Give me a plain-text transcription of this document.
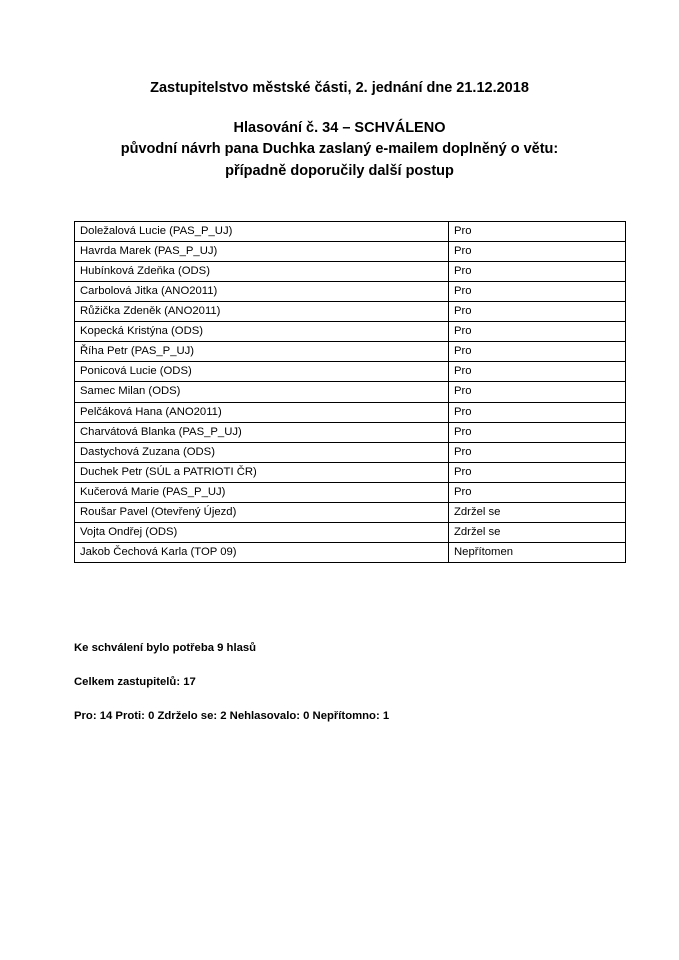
Zastupitelstvo městské části, 2. jednání dne 21.12.2018

Hlasování č. 34 – SCHVÁLENO

původní návrh pana Duchka zaslaný e-mailem doplněný o větu:

případně doporučily další postup

Doležalová Lucie (PAS_P_UJ)	Pro
Havrda Marek (PAS_P_UJ)	Pro
Hubínková Zdeňka (ODS)	Pro
Carbolová Jitka (ANO2011)	Pro
Růžička Zdeněk (ANO2011)	Pro
Kopecká Kristýna (ODS)	Pro
Říha Petr (PAS_P_UJ)	Pro
Ponicová Lucie (ODS)	Pro
Samec Milan (ODS)	Pro
Pelčáková Hana (ANO2011)	Pro
Charvátová Blanka (PAS_P_UJ)	Pro
Dastychová Zuzana (ODS)	Pro
Duchek Petr (SÚL a PATRIOTI ČR)	Pro
Kučerová Marie (PAS_P_UJ)	Pro
Roušar Pavel (Otevřený Újezd)	Zdržel se
Vojta Ondřej (ODS)	Zdržel se
Jakob Čechová Karla (TOP 09)	Nepřítomen

Ke schválení bylo potřeba 9 hlasů

Celkem zastupitelů: 17

Pro: 14 Proti: 0 Zdrželo se: 2 Nehlasovalo: 0 Nepřítomno: 1
